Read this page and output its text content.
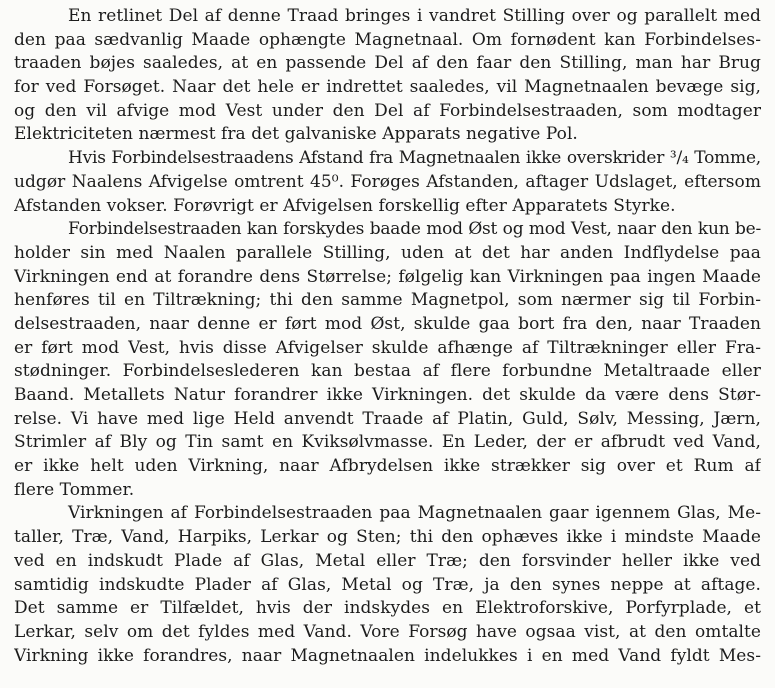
En retlinet Del af denne Traad bringes i vandret Stilling over og parallelt med
den paa sædvanlig Maade ophængte Magnetnaal. Om fornødent kan Forbindelses-
traaden bøjes saaledes, at en passende Del af den faar den Stilling, man har Brug
for ved Forsøget. Naar det hele er indrettet saaledes, vil Magnetnaalen bevæge sig,
og den vil afvige mod Vest under den Del af Forbindelsestraaden, som modtager
Elektriciteten nærmest fra det galvaniske Apparats negative Pol.
Hvis Forbindelsestraadens Afstand fra Magnetnaalen ikke overskrider ³/₄ Tomme,
udgør Naalens Afvigelse omtrent 45⁰. Forøges Afstanden, aftager Udslaget, eftersom
Afstanden vokser. Forøvrigt er Afvigelsen forskellig efter Apparatets Styrke.
Forbindelsestraaden kan forskydes baade mod Øst og mod Vest, naar den kun be-
holder sin med Naalen parallele Stilling, uden at det har anden Indflydelse paa
Virkningen end at forandre dens Størrelse; følgelig kan Virkningen paa ingen Maade
henføres til en Tiltrækning; thi den samme Magnetpol, som nærmer sig til Forbin-
delsestraaden, naar denne er ført mod Øst, skulde gaa bort fra den, naar Traaden
er ført mod Vest, hvis disse Afvigelser skulde afhænge af Tiltrækninger eller Fra-
stødninger. Forbindelseslederen kan bestaa af flere forbundne Metaltraade eller
Baand. Metallets Natur forandrer ikke Virkningen. det skulde da være dens Stør-
relse. Vi have med lige Held anvendt Traade af Platin, Guld, Sølv, Messing, Jærn,
Strimler af Bly og Tin samt en Kviksølvmasse. En Leder, der er afbrudt ved Vand,
er ikke helt uden Virkning, naar Afbrydelsen ikke strækker sig over et Rum af
flere Tommer.
Virkningen af Forbindelsestraaden paa Magnetnaalen gaar igennem Glas, Me-
taller, Træ, Vand, Harpiks, Lerkar og Sten; thi den ophæves ikke i mindste Maade
ved en indskudt Plade af Glas, Metal eller Træ; den forsvinder heller ikke ved
samtidig indskudte Plader af Glas, Metal og Træ, ja den synes neppe at aftage.
Det samme er Tilfældet, hvis der indskydes en Elektroforskive, Porfyrplade, et
Lerkar, selv om det fyldes med Vand. Vore Forsøg have ogsaa vist, at den omtalte
Virkning ikke forandres, naar Magnetnaalen indelukkes i en med Vand fyldt Mes-
